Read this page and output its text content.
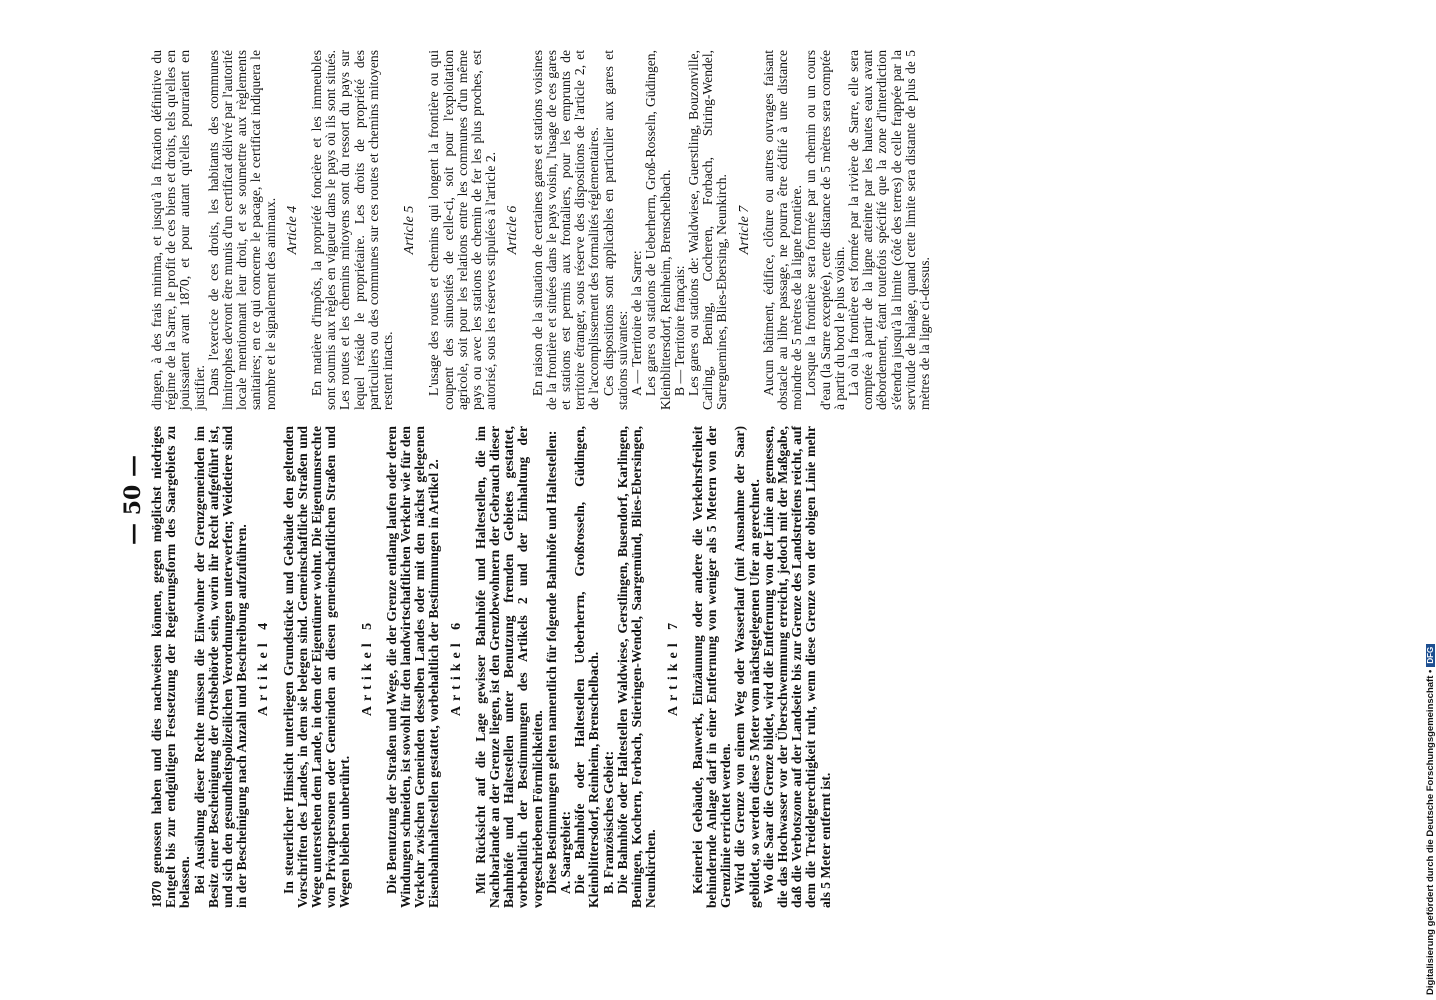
— 50 — 1870 genossen haben und dies nachweisen können, gegen möglichst niedriges Entgelt bis zur endgültigen Festsetzung der Regierungsform des Saargebiets zu belassen. Bei Ausübung dieser Rechte müssen die Einwohner der Grenzgemeinden im Besitz einer Bescheinigung der Ortsbehörde sein, worin ihr Recht aufgeführt ist, und sich den gesundheitspolizeilichen Verordnungen unterwerfen; Weidetiere sind in der Bescheinigung nach Anzahl und Beschreibung aufzuführen. Artikel 4 In steuerlicher Hinsicht unterliegen Grundstücke und Gebäude den geltenden Vorschriften des Landes, in dem sie belegen sind. Gemeinschaftliche Straßen und Wege unterstehen dem Lande, in dem der Eigentümer wohnt. Die Eigentumsrechte von Privatpersonen oder Gemeinden an diesen gemeinschaftlichen Straßen und Wegen bleiben unberührt.

Artikel 5 Die Benutzung der Straßen und Wege, die der Grenze entlang laufen oder deren Windungen schneiden, ist sowohl für den landwirtschaftlichen Verkehr wie für den Verkehr zwischen Gemeinden desselben Landes oder mit den nächst gelegenen Eisenbahnhaltestellen gestattet, vorbehaltlich der Bestimmungen in Artikel 2. Artikel 6 Mit Rücksicht auf die Lage gewisser Bahnhöfe und Haltestellen, die im Nachbarlande an der Grenze liegen, ist den Grenzbewohnern der Gebrauch dieser Bahnhöfe und Haltestellen unter Benutzung fremden Gebietes gestattet, vorbehaltlich der Bestimmungen des Artikels 2 und der Einhaltung der vorgeschriebenen Förmlichkeiten. Diese Bestimmungen gelten namentlich für folgende Bahnhöfe und Haltestellen: A. Saargebiet: Die Bahnhöfe oder Haltestellen Ueberherrn, Großrosseln, Güdingen, Kleinblittersdorf, Reinheim, Brenschelbach. B. Französisches Gebiet: Die Bahnhöfe oder Haltestellen Waldwiese, Gerstlingen, Busendorf, Karlingen, Beningen, Kochern, Forbach, Stieringen-Wendel, Saargemünd, Blies-Ebersingen, Neunkirchen.

Artikel 7 Keinerlei Gebäude, Bauwerk, Einzäunung oder andere die Verkehrsfreiheit behindernde Anlage darf in einer Entfernung von weniger als 5 Metern von der Grenzlinie errichtet werden. Wird die Grenze von einem Weg oder Wasserlauf (mit Ausnahme der Saar) gebildet, so werden diese 5 Meter vom nächstgelegenen Ufer an gerechnet. Wo die Saar die Grenze bildet, wird die Entfernung von der Linie an gemessen, die das Hochwasser vor der Überschwemmung erreicht, jedoch mit der Maßgabe, daß die Verbotszone auf der Landseite bis zur Grenze des Landstreifens reicht, auf dem die Treidelgerechtigkeit ruht, wenn diese Grenze von der obigen Linie mehr als 5 Meter entfernt ist.

dingen, à des frais minima, et jusqu'à la fixation définitive du régime de la Sarre, le profit de ces biens et droits, tels qu'elles en jouissaient avant 1870, et pour autant qu'elles pourraient en justifier. Dans l'exercice de ces droits, les habitants des communes limitrophes devront être munis d'un certificat délivré par l'autorité locale mentionnant leur droit, et se soumettre aux règlements sanitaires; en ce qui concerne le pacage, le certificat indiquera le nombre et le signalement des animaux. Article 4 En matière d'impôts, la propriété foncière et les immeubles sont soumis aux règles en vigueur dans le pays où ils sont situés. Les routes et les chemins mitoyens sont du ressort du pays sur lequel réside le propriétaire. Les droits de propriété des particuliers ou des communes sur ces routes et chemins mitoyens restent intacts.

Article 5 L'usage des routes et chemins qui longent la frontière ou qui coupent des sinuosités de celle-ci, soit pour l'exploitation agricole, soit pour les relations entre les communes d'un même pays ou avec les stations de chemin de fer les plus proches, est autorisé, sous les réserves stipulées à l'article 2. Article 6 En raison de la situation de certaines gares et stations voisines de la frontière et situées dans le pays voisin, l'usage de ces gares et stations est permis aux frontaliers, pour les emprunts de territoire étranger, sous réserve des dispositions de l'article 2, et de l'accomplissement des formalités réglementaires. Ces dispositions sont applicables en particulier aux gares et stations suivantes: A — Territoire de la Sarre: Les gares ou stations de Ueberherrn, Groß-Rosseln, Güdingen, Kleinblittersdorf, Reinheim, Brenschelbach. B — Territoire français: Les gares ou stations de: Waldwiese, Guerstling, Bouzonville, Carling, Bening, Cocheren, Forbach, Stiring-Wendel, Sarreguemines, Blies-Ebersing, Neunkirch. Article 7 Aucun bâtiment, édifice, clôture ou autres ouvrages faisant obstacle au libre passage, ne pourra être édifié à une distance moindre de 5 mètres de la ligne frontière. Lorsque la frontière sera formée par un chemin ou un cours d'eau (la Sarre exceptée), cette distance de 5 mètres sera comptée à partir du bord le plus voisin. Là où la frontière est formée par la rivière de Sarre, elle sera comptée à partir de la ligne atteinte par les hautes eaux avant débordement, étant toutefois spécifié que la zone d'interdiction s'étendra jusqu'à la limite (côté des terres) de celle frappée par la servitude de halage, quand cette limite sera distante de plus de 5 mètres de la ligne ci-dessus.

Digitalisierung gefördert durch die Deutsche Forschungsgemeinschaft •DFG
